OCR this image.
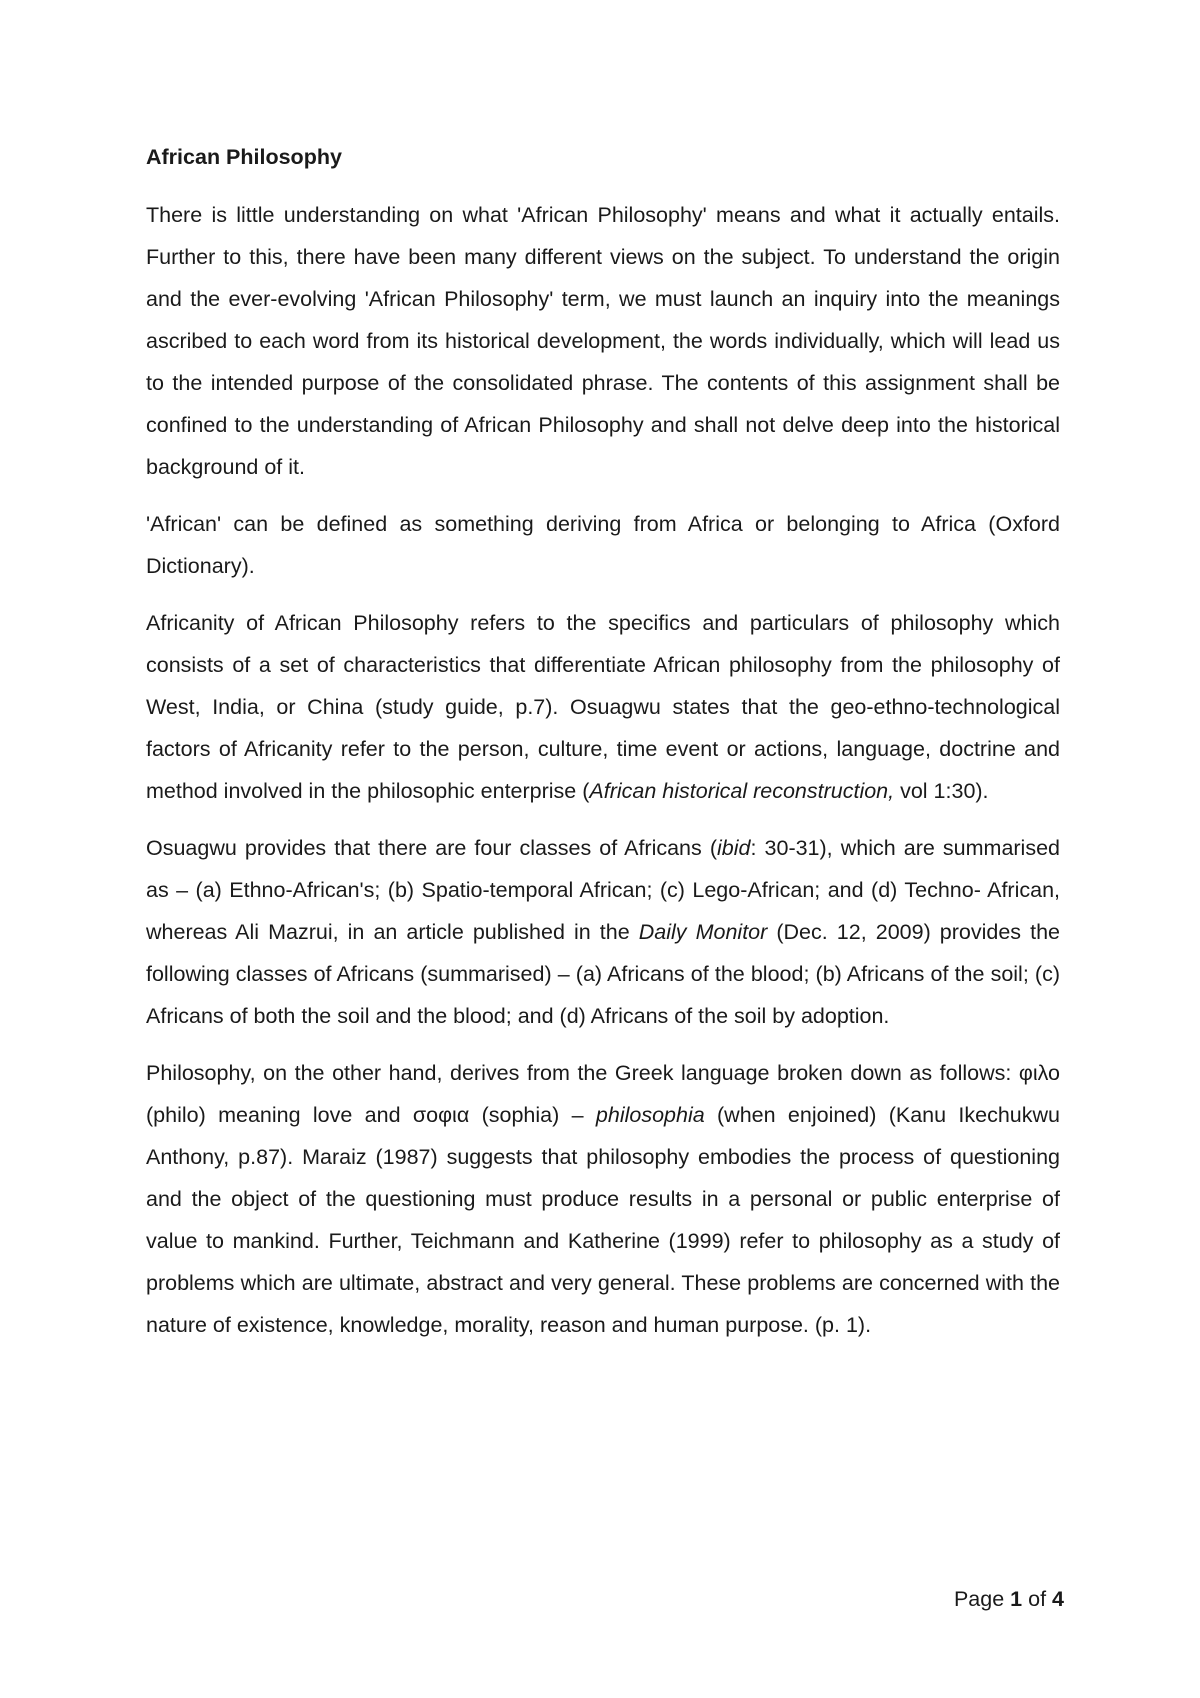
African Philosophy

There is little understanding on what 'African Philosophy' means and what it actually entails. Further to this, there have been many different views on the subject. To understand the origin and the ever-evolving 'African Philosophy' term, we must launch an inquiry into the meanings ascribed to each word from its historical development, the words individually, which will lead us to the intended purpose of the consolidated phrase. The contents of this assignment shall be confined to the understanding of African Philosophy and shall not delve deep into the historical background of it.

'African' can be defined as something deriving from Africa or belonging to Africa (Oxford Dictionary).

Africanity of African Philosophy refers to the specifics and particulars of philosophy which consists of a set of characteristics that differentiate African philosophy from the philosophy of West, India, or China (study guide, p.7). Osuagwu states that the geo-ethno-technological factors of Africanity refer to the person, culture, time event or actions, language, doctrine and method involved in the philosophic enterprise (African historical reconstruction, vol 1:30).

Osuagwu provides that there are four classes of Africans (ibid: 30-31), which are summarised as – (a) Ethno-African's; (b) Spatio-temporal African; (c) Lego-African; and (d) Techno- African, whereas Ali Mazrui, in an article published in the Daily Monitor (Dec. 12, 2009) provides the following classes of Africans (summarised) – (a) Africans of the blood; (b) Africans of the soil; (c) Africans of both the soil and the blood; and (d) Africans of the soil by adoption.

Philosophy, on the other hand, derives from the Greek language broken down as follows: φιλο (philo) meaning love and σοφια (sophia) – philosophia (when enjoined) (Kanu Ikechukwu Anthony, p.87). Maraiz (1987) suggests that philosophy embodies the process of questioning and the object of the questioning must produce results in a personal or public enterprise of value to mankind. Further, Teichmann and Katherine (1999) refer to philosophy as a study of problems which are ultimate, abstract and very general. These problems are concerned with the nature of existence, knowledge, morality, reason and human purpose. (p. 1).

Page 1 of 4
